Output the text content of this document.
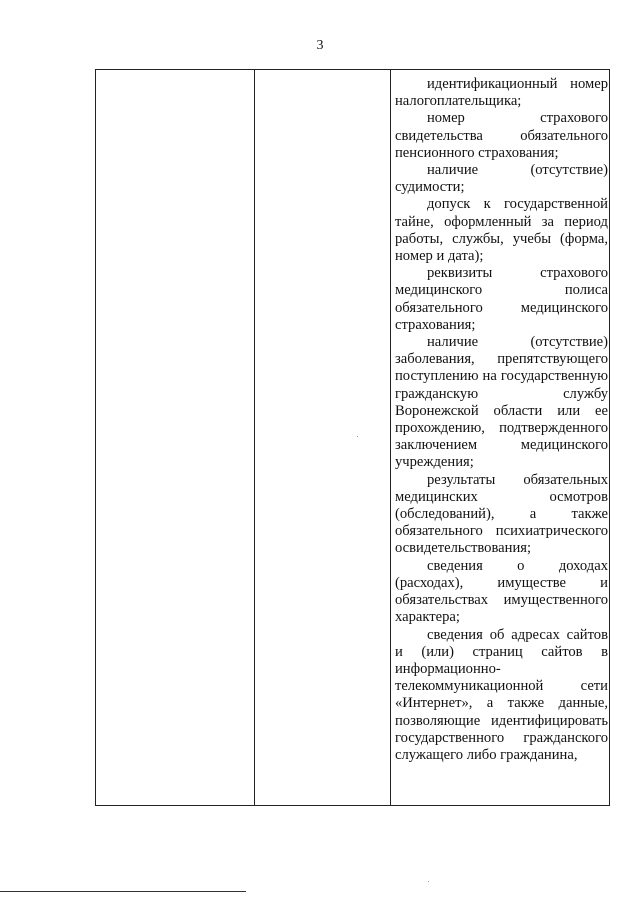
3

идентификационный номер налогоплательщика;
номер страхового свидетельства обязательного пенсионного страхования;
наличие (отсутствие) судимости;
допуск к государственной тайне, оформленный за период работы, службы, учебы (форма, номер и дата);
реквизиты страхового медицинского полиса обязательного медицинского страхования;
наличие (отсутствие) заболевания, препятствующего поступлению на государственную гражданскую службу Воронежской области или ее прохождению, подтвержденного заключением медицинского учреждения;
результаты обязательных медицинских осмотров (обследований), а также обязательного психиатрического освидетельствования;
сведения о доходах (расходах), имуществе и обязательствах имущественного характера;
сведения об адресах сайтов и (или) страниц сайтов в информационно-телекоммуникационной сети «Интернет», а также данные, позволяющие идентифицировать государственного гражданского служащего либо гражданина,
